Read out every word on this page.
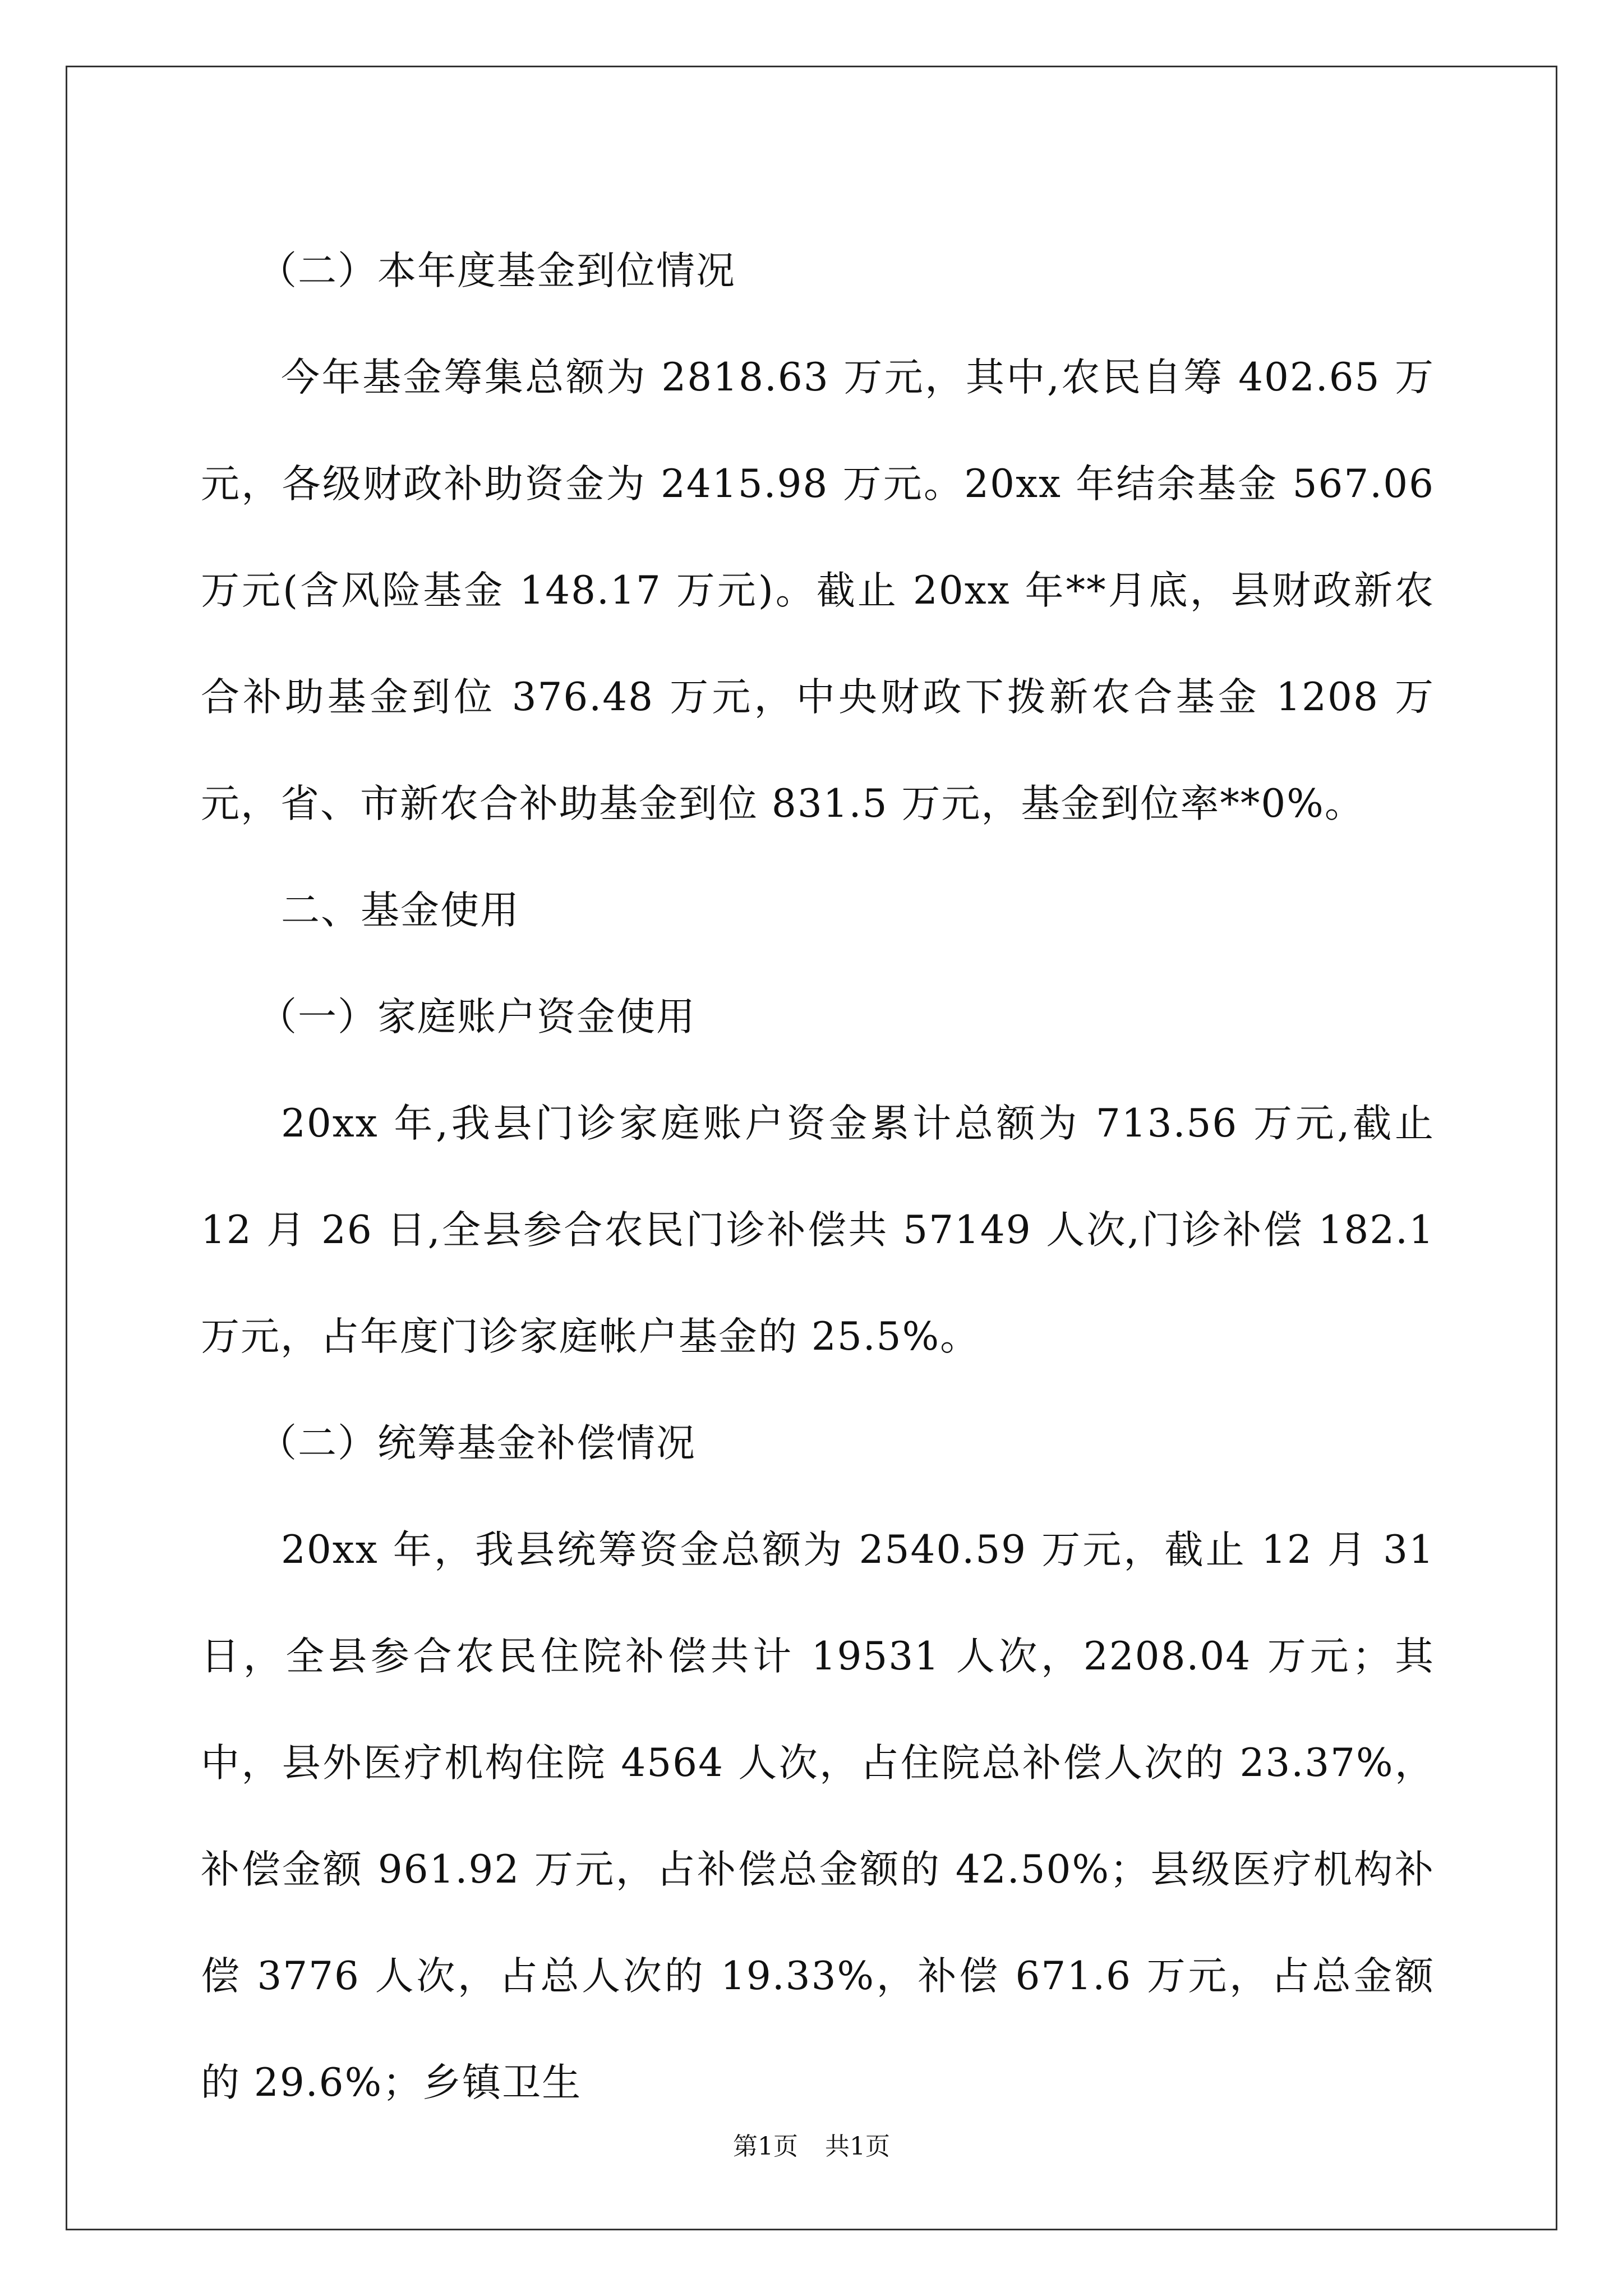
（二）本年度基金到位情况

今年基金筹集总额为 2818.63 万元，其中,农民自筹 402.65 万元，各级财政补助资金为 2415.98 万元。20xx 年结余基金 567.06 万元(含风险基金 148.17 万元)。截止 20xx 年**月底，县财政新农合补助基金到位 376.48 万元，中央财政下拨新农合基金 1208 万元，省、市新农合补助基金到位 831.5 万元，基金到位率**0%。

二、基金使用

（一）家庭账户资金使用

20xx 年,我县门诊家庭账户资金累计总额为 713.56 万元,截止 12 月 26 日,全县参合农民门诊补偿共 57149 人次,门诊补偿 182.1 万元，占年度门诊家庭帐户基金的 25.5%。

（二）统筹基金补偿情况

20xx 年，我县统筹资金总额为 2540.59 万元，截止 12 月 31 日，全县参合农民住院补偿共计 19531 人次，2208.04 万元；其中，县外医疗机构住院 4564 人次，占住院总补偿人次的 23.37%，补偿金额 961.92 万元，占补偿总金额的 42.50%；县级医疗机构补偿 3776 人次，占总人次的 19.33%，补偿 671.6 万元，占总金额的 29.6%；乡镇卫生

第1页 共1页
